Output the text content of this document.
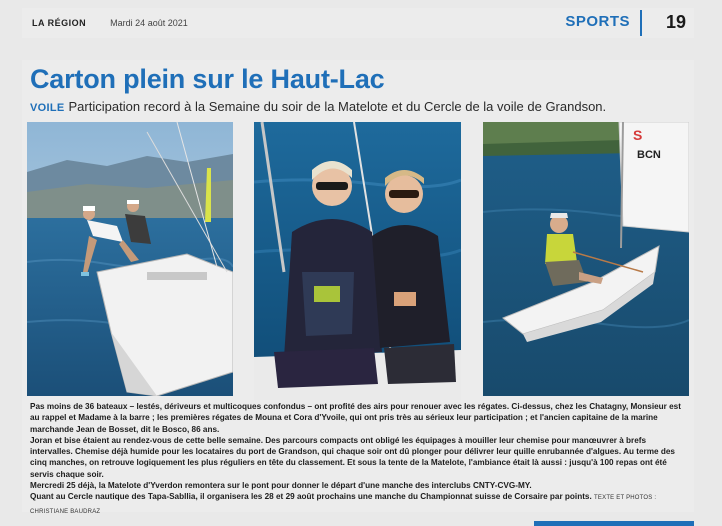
LA RÉGION	Mardi 24 août 2021	SPORTS 19
Carton plein sur le Haut-Lac
VOILE Participation record à la Semaine du soir de la Matelote et du Cercle de la voile de Grandson.
S
BCN

Pas moins de 36 bateaux – lestés, dériveurs et multicoques confondus – ont profité des airs pour renouer avec les régates. Ci-dessus, chez les Chatagny, Monsieur est au rappel et Madame à la barre ; les premières régates de Mouna et Cora d'Yvoile, qui ont pris très au sérieux leur participation ; et l'ancien capitaine de la marine marchande Jean de Bosset, dit le Bosco, 86 ans.

Joran et bise étaient au rendez-vous de cette belle semaine. Des parcours compacts ont obligé les équipages à mouiller leur chemise pour manœuvrer à brefs intervalles. Chemise déjà humide pour les locataires du port de Grandson, qui chaque soir ont dû plonger pour délivrer leur quille enrubannée d'algues. Au terme des cinq manches, on retrouve logiquement les plus réguliers en tête du classement. Et sous la tente de la Matelote, l'ambiance était là aussi : jusqu'à 100 repas ont été servis chaque soir.

Mercredi 25 déjà, la Matelote d'Yverdon remontera sur le pont pour donner le départ d'une manche des interclubs CNTY-CVG-MY.

Quant au Cercle nautique des Tapa-Sabllia, il organisera les 28 et 29 août prochains une manche du Championnat suisse de Corsaire par points. TEXTE ET PHOTOS : CHRISTIANE BAUDRAZ
